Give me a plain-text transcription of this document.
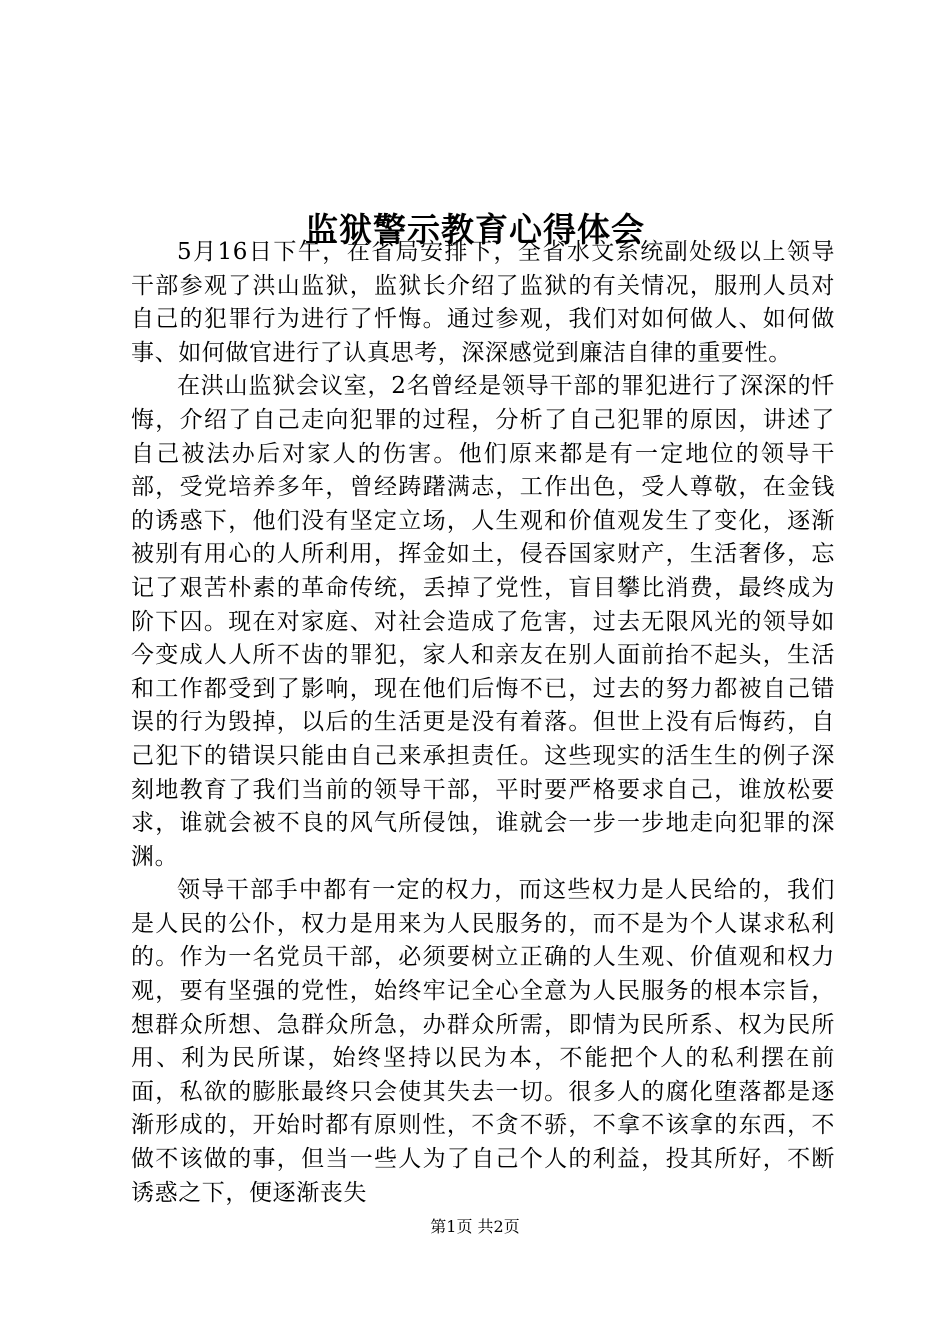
监狱警示教育心得体会

5月16日下午，在省局安排下，全省水文系统副处级以上领导干部参观了洪山监狱，监狱长介绍了监狱的有关情况，服刑人员对自己的犯罪行为进行了忏悔。通过参观，我们对如何做人、如何做事、如何做官进行了认真思考，深深感觉到廉洁自律的重要性。

在洪山监狱会议室，2名曾经是领导干部的罪犯进行了深深的忏悔，介绍了自己走向犯罪的过程，分析了自己犯罪的原因，讲述了自己被法办后对家人的伤害。他们原来都是有一定地位的领导干部，受党培养多年，曾经踌躇满志，工作出色，受人尊敬，在金钱的诱惑下，他们没有坚定立场，人生观和价值观发生了变化，逐渐被别有用心的人所利用，挥金如土，侵吞国家财产，生活奢侈，忘记了艰苦朴素的革命传统，丢掉了党性，盲目攀比消费，最终成为阶下囚。现在对家庭、对社会造成了危害，过去无限风光的领导如今变成人人所不齿的罪犯，家人和亲友在别人面前抬不起头，生活和工作都受到了影响，现在他们后悔不已，过去的努力都被自己错误的行为毁掉，以后的生活更是没有着落。但世上没有后悔药，自己犯下的错误只能由自己来承担责任。这些现实的活生生的例子深刻地教育了我们当前的领导干部，平时要严格要求自己，谁放松要求，谁就会被不良的风气所侵蚀，谁就会一步一步地走向犯罪的深渊。

领导干部手中都有一定的权力，而这些权力是人民给的，我们是人民的公仆，权力是用来为人民服务的，而不是为个人谋求私利的。作为一名党员干部，必须要树立正确的人生观、价值观和权力观，要有坚强的党性，始终牢记全心全意为人民服务的根本宗旨，想群众所想、急群众所急，办群众所需，即情为民所系、权为民所用、利为民所谋，始终坚持以民为本，不能把个人的私利摆在前面，私欲的膨胀最终只会使其失去一切。很多人的腐化堕落都是逐渐形成的，开始时都有原则性，不贪不骄，不拿不该拿的东西，不做不该做的事，但当一些人为了自己个人的利益，投其所好，不断诱惑之下，便逐渐丧失

第1页 共2页
